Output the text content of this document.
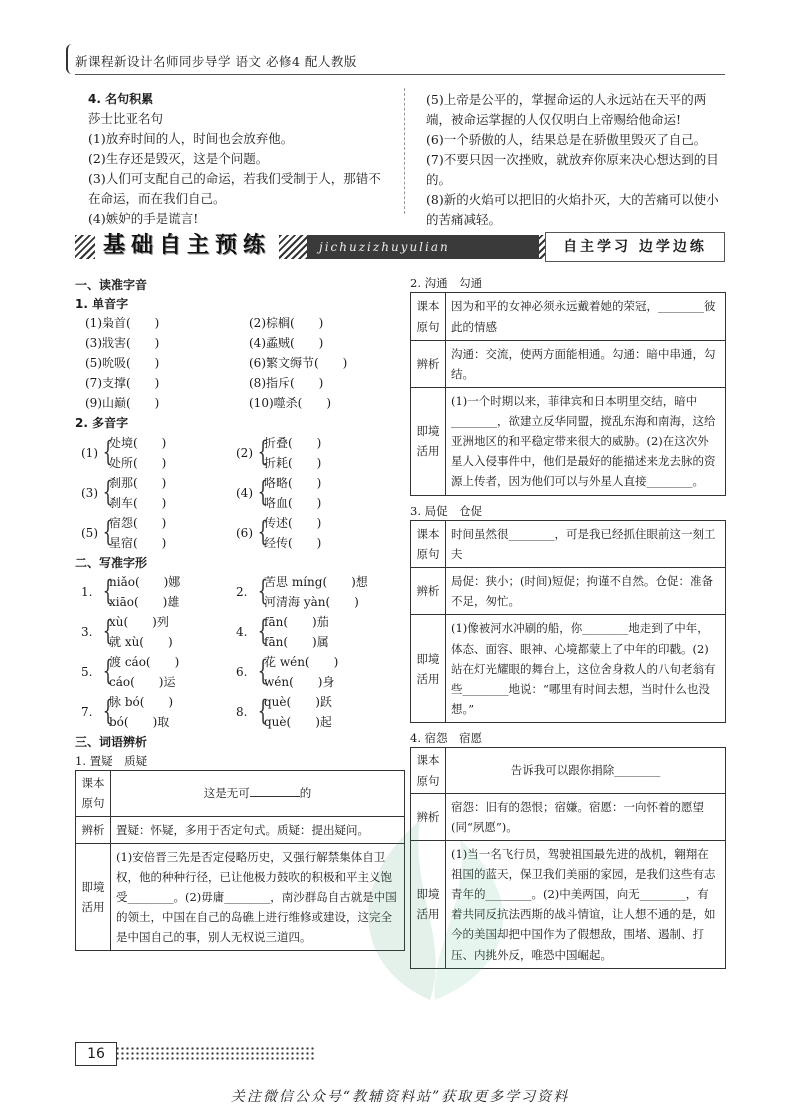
新课程新设计名师同步导学 语文 必修4 配人教版
4. 名句积累

莎士比亚名句

(1)放弃时间的人，时间也会放弃他。

(2)生存还是毁灭，这是个问题。

(3)人们可支配自己的命运，若我们受制于人，那错不在命运，而在我们自己。

(4)嫉妒的手是谎言!

(5)上帝是公平的，掌握命运的人永远站在天平的两端，被命运掌握的人仅仅明白上帝赐给他命运!

(6)一个骄傲的人，结果总是在骄傲里毁灭了自己。

(7)不要只因一次挫败，就放弃你原来决心想达到的目的。

(8)新的火焰可以把旧的火焰扑灭，大的苦痛可以使小的苦痛减轻。

基础自主预练	jichuzizhuyulian	自主学习 边学边练

一、读准字音

1. 单音字

(1)枭首(　　)	(2)棕榈(　　)
(3)戕害(　　)	(4)蟊贼(　　)
(5)吮吸(　　)	(6)繁文缛节(　　)
(7)支撑(　　)	(8)指斥(　　)
(9)山巅(　　)	(10)噬杀(　　)

2. 多音字

(1) {
处境(　　)
处所(　　)
(2) {
折叠(　　)
折耗(　　)
(3) {
刹那(　　)
刹车(　　)
(4) {
咯略(　　)
咯血(　　)
(5) {
宿怨(　　)
星宿(　　)
(6) {
传述(　　)
经传(　　)

二、写准字形

1. {
niǎo(　　)娜
xiāo(　　)雄
2. {
苦思 míng(　　)想
河清海 yàn(　　)
3. {
xù(　　)列
就 xù(　　)
4. {
fān(　　)茄
fān(　　)属
5. {
渡 cáo(　　)
cáo(　　)运
6. {
花 wén(　　)
wén(　　)身
7. {
脉 bó(　　)
bó(　　)取
8. {
què(　　)跃
què(　　)起

三、词语辨析

1. 置疑　质疑
课本原句	这是无可 的
辨析	置疑：怀疑，多用于否定句式。质疑：提出疑问。
即境活用	(1)安倍晋三先是否定侵略历史，又强行解禁集体自卫权，他的种种行径，已让他极力鼓吹的积极和平主义饱受________。(2)毋庸________，南沙群岛自古就是中国的领土，中国在自己的岛礁上进行维修或建设，这完全是中国自己的事，别人无权说三道四。
2. 沟通　勾通
课本原句	因为和平的女神必须永远戴着她的荣冠，________彼此的情感
辨析	沟通：交流，使两方面能相通。勾通：暗中串通，勾结。
即境活用	(1)一个时期以来，菲律宾和日本明里交结，暗中________，欲建立反华同盟，搅乱东海和南海，这给亚洲地区的和平稳定带来很大的威胁。(2)在这次外星人入侵事件中，他们是最好的能描述来龙去脉的资源上传者，因为他们可以与外星人直接________。
3. 局促　仓促
课本原句	时间虽然很________，可是我已经抓住眼前这一刻工夫
辨析	局促：狭小；(时间)短促；拘谨不自然。仓促：准备不足，匆忙。
即境活用	(1)像被河水冲刷的船，你________地走到了中年，体态、面容、眼神、心境都蒙上了中年的印戳。(2)站在灯光耀眼的舞台上，这位舍身救人的八旬老翁有些________地说：“哪里有时间去想，当时什么也没想。”
4. 宿怨　宿愿
课本原句	告诉我可以跟你捐除________
辨析	宿怨：旧有的怨恨；宿嫌。宿愿：一向怀着的愿望(同“夙愿”)。
即境活用	(1)当一名飞行员，驾驶祖国最先进的战机，翱翔在祖国的蓝天，保卫我们美丽的家园，是我们这些有志青年的________。(2)中美两国，向无________，有着共同反抗法西斯的战斗情谊，让人想不通的是，如今的美国却把中国作为了假想敌，围堵、遏制、打压、内挑外反，唯恐中国崛起。
16
关注微信公众号“教辅资料站”获取更多学习资料
